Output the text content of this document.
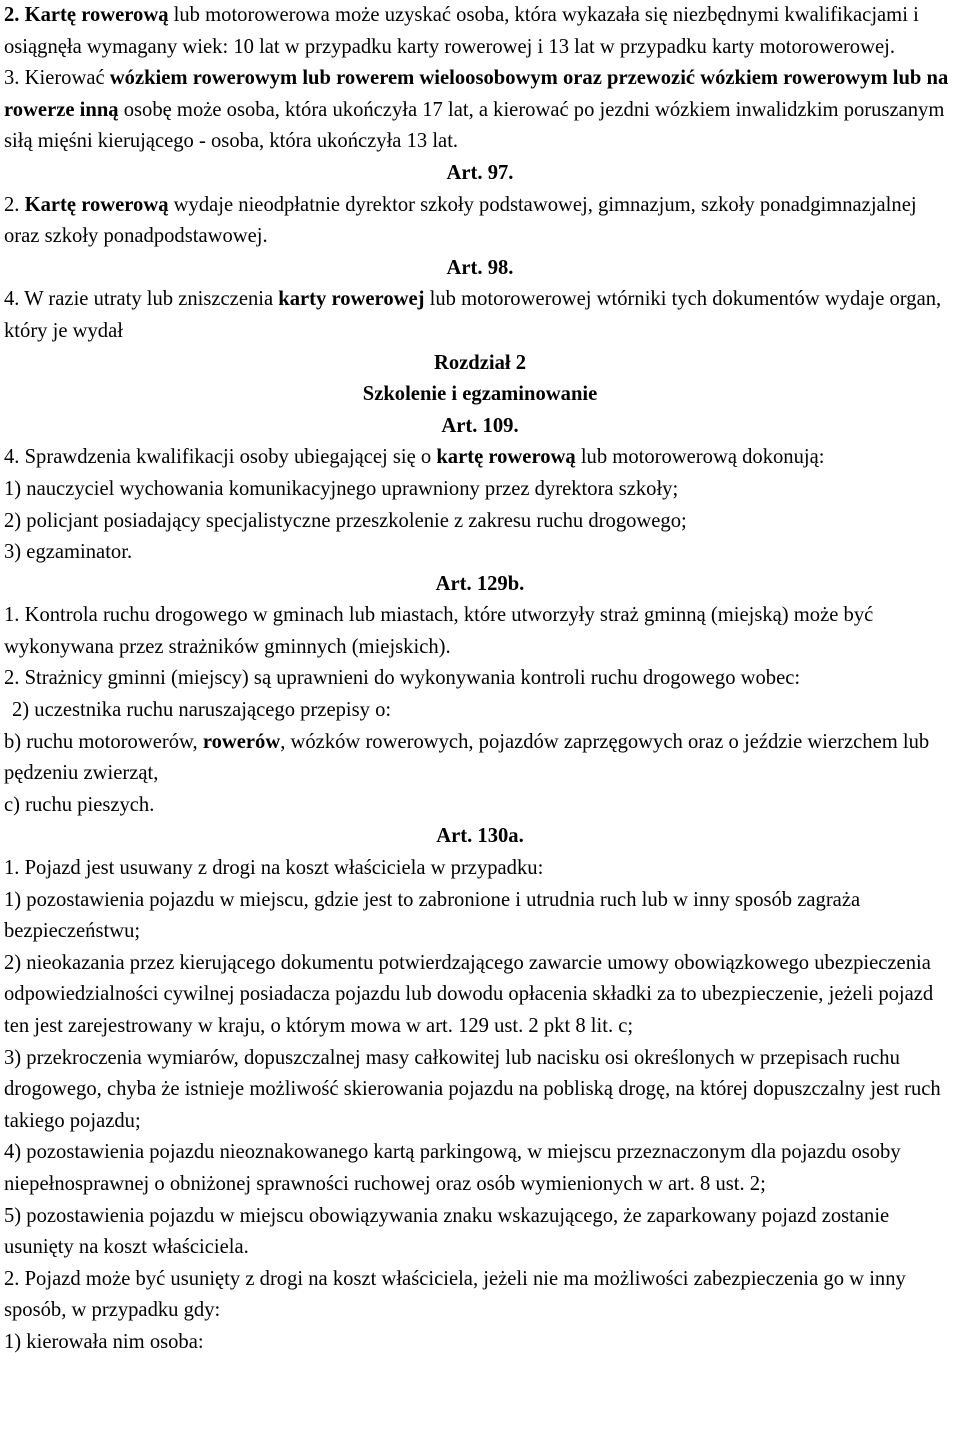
2. Kartę rowerową lub motorowerowa może uzyskać osoba, która wykazała się niezbędnymi kwalifikacjami i osiągnęła wymagany wiek: 10 lat w przypadku karty rowerowej i 13 lat w przypadku karty motorowerowej.
3. Kierować wózkiem rowerowym lub rowerem wieloosobowym oraz przewozić wózkiem rowerowym lub na rowerze inną osobę może osoba, która ukończyła 17 lat, a kierować po jezdni wózkiem inwalidzkim poruszanym siłą mięśni kierującego - osoba, która ukończyła 13 lat.
Art. 97.
2. Kartę rowerową wydaje nieodpłatnie dyrektor szkoły podstawowej, gimnazjum, szkoły ponadgimnazjalnej oraz szkoły ponadpodstawowej.
Art. 98.
4. W razie utraty lub zniszczenia karty rowerowej lub motorowerowej wtórniki tych dokumentów wydaje organ, który je wydał
Rozdział 2
Szkolenie i egzaminowanie
Art. 109.
4. Sprawdzenia kwalifikacji osoby ubiegającej się o kartę rowerową lub motorowerową dokonują:
1) nauczyciel wychowania komunikacyjnego uprawniony przez dyrektora szkoły;
2) policjant posiadający specjalistyczne przeszkolenie z zakresu ruchu drogowego;
3) egzaminator.
Art. 129b.
1. Kontrola ruchu drogowego w gminach lub miastach, które utworzyły straż gminną (miejską) może być wykonywana przez strażników gminnych (miejskich).
2. Strażnicy gminni (miejscy) są uprawnieni do wykonywania kontroli ruchu drogowego wobec:
2) uczestnika ruchu naruszającego przepisy o:
b) ruchu motorowerów, rowerów, wózków rowerowych, pojazdów zaprzęgowych oraz o jeździe wierzchem lub pędzeniu zwierząt,
c) ruchu pieszych.
Art. 130a.
1. Pojazd jest usuwany z drogi na koszt właściciela w przypadku:
1) pozostawienia pojazdu w miejscu, gdzie jest to zabronione i utrudnia ruch lub w inny sposób zagraża bezpieczeństwu;
2) nieokazania przez kierującego dokumentu potwierdzającego zawarcie umowy obowiązkowego ubezpieczenia odpowiedzialności cywilnej posiadacza pojazdu lub dowodu opłacenia składki za to ubezpieczenie, jeżeli pojazd ten jest zarejestrowany w kraju, o którym mowa w art. 129 ust. 2 pkt 8 lit. c;
3) przekroczenia wymiarów, dopuszczalnej masy całkowitej lub nacisku osi określonych w przepisach ruchu drogowego, chyba że istnieje możliwość skierowania pojazdu na pobliską drogę, na której dopuszczalny jest ruch takiego pojazdu;
4) pozostawienia pojazdu nieoznakowanego kartą parkingową, w miejscu przeznaczonym dla pojazdu osoby niepełnosprawnej o obniżonej sprawności ruchowej oraz osób wymienionych w art. 8 ust. 2;
5) pozostawienia pojazdu w miejscu obowiązywania znaku wskazującego, że zaparkowany pojazd zostanie usunięty na koszt właściciela.
2. Pojazd może być usunięty z drogi na koszt właściciela, jeżeli nie ma możliwości zabezpieczenia go w inny sposób, w przypadku gdy:
1) kierowała nim osoba:
